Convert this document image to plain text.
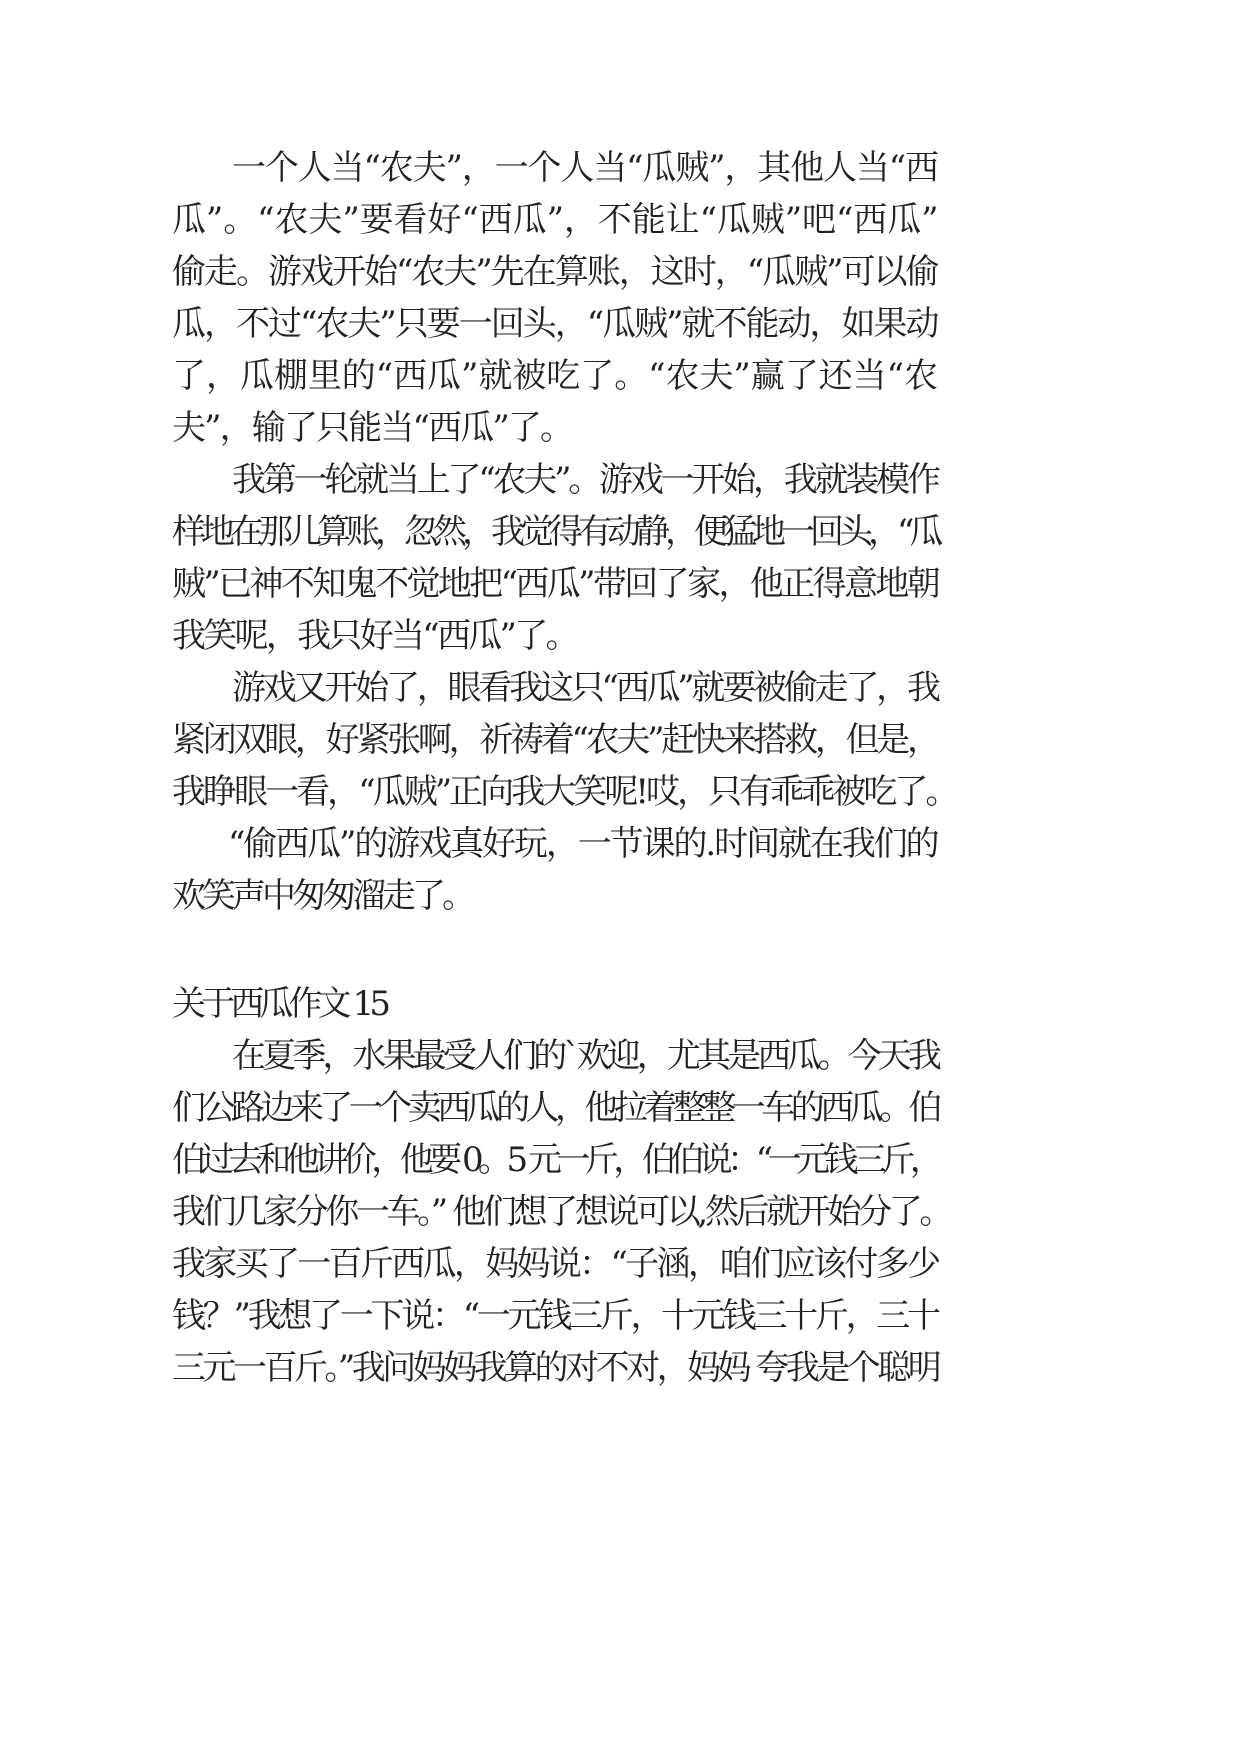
一个人当“农夫”，一个人当“瓜贼”，其他人当“西
瓜”。“农夫”要看好“西瓜”，不能让“瓜贼”吧“西瓜”
偷走。游戏开始“农夫”先在算账，这时，“瓜贼”可以偷
瓜，不过“农夫”只要一回头，“瓜贼”就不能动，如果动
了，瓜棚里的“西瓜”就被吃了。“农夫”赢了还当“农
夫”，输了只能当“西瓜”了。
我第一轮就当上了“农夫”。游戏一开始，我就装模作
样地在那儿算账，忽然，我觉得有动静，便猛地一回头，“瓜
贼”已神不知鬼不觉地把“西瓜”带回了家，他正得意地朝
我笑呢，我只好当“西瓜”了。
游戏又开始了，眼看我这只“西瓜”就要被偷走了，我
紧闭双眼，好紧张啊，祈祷着“农夫”赶快来搭救，但是，
我睁眼一看，“瓜贼”正向我大笑呢!哎，只有乖乖被吃了。
“偷西瓜”的游戏真好玩，一节课的.时间就在我们的
欢笑声中匆匆溜走了。
关于西瓜作文 15
在夏季，水果最受人们的`欢迎，尤其是西瓜。今天我
们公路边来了一个卖西瓜的人，他拉着整整一车的西瓜。伯
伯过去和他讲价，他要 0。5 元一斤，伯伯说：“一元钱三斤，
我们几家分你一车。” 他们想了想说可以,然后就开始分了。
我家买了一百斤西瓜，妈妈说：“子涵，咱们应该付多少
钱？”我想了一下说：“一元钱三斤，十元钱三十斤，三十
三元一百斤。”我问妈妈我算的对不对，妈妈 夸我是个聪明
